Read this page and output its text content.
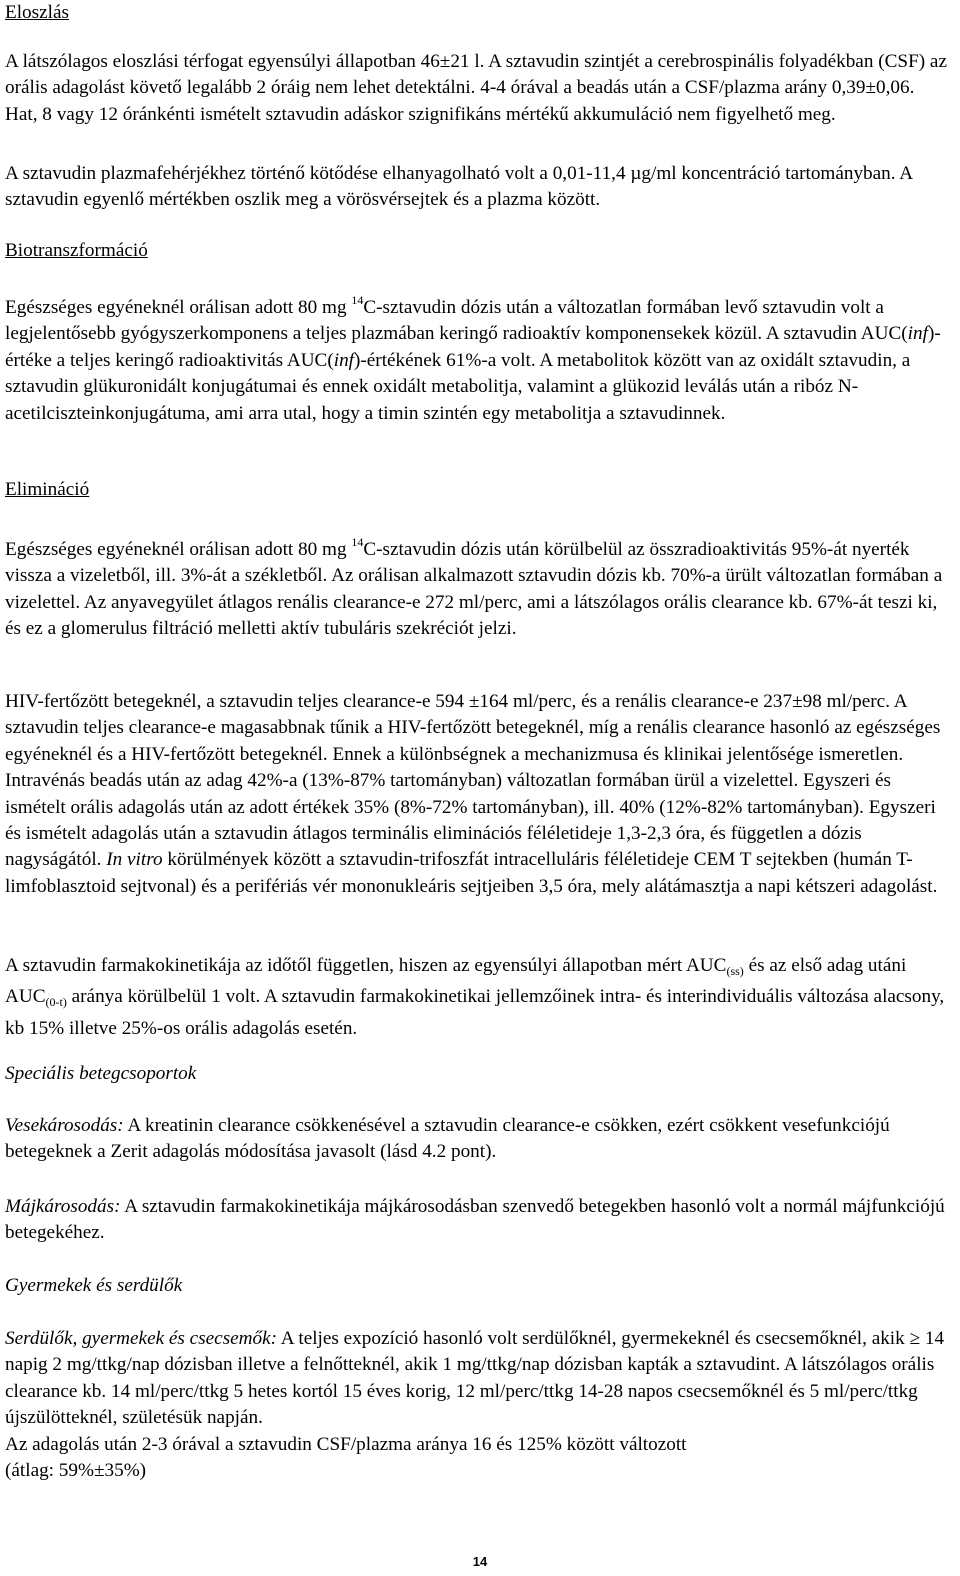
Eloszlás

A látszólagos eloszlási térfogat egyensúlyi állapotban 46±21 l. A sztavudin szintjét a cerebrospinális folyadékban (CSF) az orális adagolást követő legalább 2 óráig nem lehet detektálni. 4-4 órával a beadás után a CSF/plazma arány 0,39±0,06. Hat, 8 vagy 12 óránkénti ismételt sztavudin adáskor szignifikáns mértékű akkumuláció nem figyelhető meg.

A sztavudin plazmafehérjékhez történő kötődése elhanyagolható volt a 0,01-11,4 µg/ml koncentráció tartományban. A sztavudin egyenlő mértékben oszlik meg a vörösvérsejtek és a plazma között.

Biotranszformáció

Egészséges egyéneknél orálisan adott 80 mg $^{14}$C-sztavudin dózis után a változatlan formában levő sztavudin volt a legjelentősebb gyógyszerkomponens a teljes plazmában keringő radioaktív komponensekek közül. A sztavudin AUC(inf)-értéke a teljes keringő radioaktivitás AUC(inf)-értékének 61%-a volt. A metabolitok között van az oxidált sztavudin, a sztavudin glükuronidált konjugátumai és ennek oxidált metabolitja, valamint a glükozid leválás után a ribóz N-acetilciszteinkonjugátuma, ami arra utal, hogy a timin szintén egy metabolitja a sztavudinnek.

Elimináció

Egészséges egyéneknél orálisan adott 80 mg $^{14}$C-sztavudin dózis után körülbelül az összradioaktivitás 95%-át nyerték vissza a vizeletből, ill. 3%-át a székletből. Az orálisan alkalmazott sztavudin dózis kb. 70%-a ürült változatlan formában a vizelettel. Az anyavegyület átlagos renális clearance-e 272 ml/perc, ami a látszólagos orális clearance kb. 67%-át teszi ki, és ez a glomerulus filtráció melletti aktív tubuláris szekréciót jelzi.

HIV-fertőzött betegeknél, a sztavudin teljes clearance-e 594 ±164 ml/perc, és a renális clearance-e 237±98 ml/perc. A sztavudin teljes clearance-e magasabbnak tűnik a HIV-fertőzött betegeknél, míg a renális clearance hasonló az egészséges egyéneknél és a HIV-fertőzött betegeknél. Ennek a különbségnek a mechanizmusa és klinikai jelentősége ismeretlen. Intravénás beadás után az adag 42%-a (13%-87% tartományban) változatlan formában ürül a vizelettel. Egyszeri és ismételt orális adagolás után az adott értékek 35% (8%-72% tartományban), ill. 40% (12%-82% tartományban). Egyszeri és ismételt adagolás után a sztavudin átlagos terminális eliminációs féléletideje 1,3-2,3 óra, és független a dózis nagyságától. In vitro körülmények között a sztavudin-trifoszfát intracelluláris féléletideje CEM T sejtekben (humán T-limfoblasztoid sejtvonal) és a perifériás vér mononukleáris sejtjeiben 3,5 óra, mely alátámasztja a napi kétszeri adagolást.

A sztavudin farmakokinetikája az időtől független, hiszen az egyensúlyi állapotban mért $AUC_{(ss)}$ és az első adag utáni $AUC_{(0-t)}$ aránya körülbelül 1 volt. A sztavudin farmakokinetikai jellemzőinek intra- és interindividuális változása alacsony, kb 15% illetve 25%-os orális adagolás esetén.

Speciális betegcsoportok

Vesekárosodás: A kreatinin clearance csökkenésével a sztavudin clearance-e csökken, ezért csökkent vesefunkciójú betegeknek a Zerit adagolás módosítása javasolt (lásd 4.2 pont).

Májkárosodás: A sztavudin farmakokinetikája májkárosodásban szenvedő betegekben hasonló volt a normál májfunkciójú betegekéhez.

Gyermekek és serdülők

Serdülők, gyermekek és csecsemők: A teljes expozíció hasonló volt serdülőknél, gyermekeknél és csecsemőknél, akik ≥ 14 napig 2 mg/ttkg/nap dózisban illetve a felnőtteknél, akik 1 mg/ttkg/nap dózisban kapták a sztavudint. A látszólagos orális clearance kb. 14 ml/perc/ttkg 5 hetes kortól 15 éves korig, 12 ml/perc/ttkg 14-28 napos csecsemőknél és 5 ml/perc/ttkg újszülötteknél, születésük napján.

Az adagolás után 2-3 órával a sztavudin CSF/plazma aránya 16 és 125% között változott
(átlag: 59%±35%)

14
